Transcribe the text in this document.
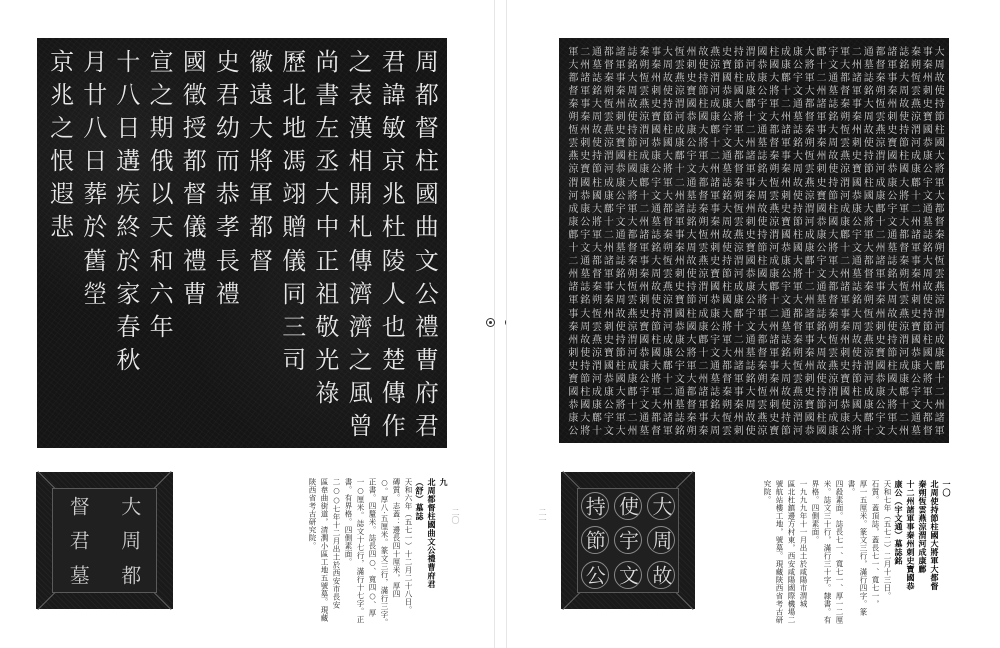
周
都
督
柱
國
曲
文
公
禮
曹
府
君
君
諱
敏
京
兆
杜
陵
人
也
楚
傳
作
之
表
漢
相
開
札
傳
濟
濟
之
風
曾
尚
書
左
丞
大
中
正
祖
敬
光
祿
歷
北
地
馮
翊
贈
儀
同
三
司
徽
遠
大
將
軍
都
督
史
君
幼
而
恭
孝
長
禮
國
徵
授
都
督
儀
禮
曹
宣
之
期
俄
以
天
和
六
年
十
八
日
遘
疾
終
於
家
春
秋
月
廿
八
日
葬
於
舊
塋
京
兆
之
恨
遐
悲
大
周
都
督
君
墓
九

北周都督柱國曲文公禮曹府君

（舒）墓誌

天和六年（五七一）十二月二十八日。

磚質。志蓋：邊長四十厘米，厚四

○。厚八·五厘米。篆文三行，滿行三字。

正書。四釐米。誌長四○、寬四○、厚

一○厘米。誌文十七行，滿行十七字。正

書。有界格。四側素面。

二○○七年十二月出土於西安市長安

區韋曲街道，清澗小區工地五號墓。現藏

陝西省考古研究院。	二〇
大
周
故
使
持
節
柱
國
大
將
軍
大
都
督
秦
朔
恆
雲
燕
涼
渭
河
成
康
鄜
十
二
州
諸
軍
事
秦
州
刺
史
寶
國
恭
康
公
宇
文
通
墓
誌
銘
大
周
故
使
持
節
柱
國
大
將
軍
大
都
督
秦
朔
恆
雲
燕
涼
渭
河
成
康
鄜
十
二
州
諸
軍
事
秦
州
刺
史
寶
國
恭
康
公
宇
文
通
墓
誌
銘
大
周
故
使
持
節
柱
國
大
將
軍
大
都
督
秦
朔
恆
雲
燕
涼
渭
河
成
康
鄜
十
二
州
諸
軍
事
秦
州
刺
史
寶
國
恭
康
公
宇
文
通
墓
誌
銘
大
周
故
使
持
節
柱
國
大
將
軍
大
都
督
秦
朔
恆
雲
燕
涼
渭
河
成
康
鄜
十
二
州
諸
軍
事
秦
州
刺
史
寶
國
恭
康
公
宇
文
通
墓
誌
銘
大
周
故
使
持
節
柱
國
大
將
軍
大
都
督
秦
朔
恆
雲
燕
涼
渭
河
成
康
鄜
十
二
州
諸
軍
事
秦
州
刺
史
寶
國
恭
康
公
宇
文
通
墓
誌
銘
大
周
故
使
持
節
柱
國
大
將
軍
大
都
督
秦
朔
恆
雲
燕
涼
渭
河
成
康
鄜
十
二
州
諸
軍
事
秦
州
刺
史
寶
國
恭
康
公
宇
文
通
墓
誌
銘
大
周
故
使
持
節
柱
國
大
將
軍
大
都
督
秦
朔
恆
雲
燕
涼
渭
河
成
康
鄜
十
二
州
諸
軍
事
秦
州
刺
史
寶
國
恭
康
公
宇
文
通
墓
誌
銘
大
周
故
使
持
節
柱
國
大
將
軍
大
都
督
秦
朔
恆
雲
燕
涼
渭
河
成
康
鄜
十
二
州
諸
軍
事
秦
州
刺
史
寶
國
恭
康
公
宇
文
通
墓
誌
銘
大
周
故
使
持
節
柱
國
大
將
軍
大
都
督
秦
朔
恆
雲
燕
涼
渭
河
成
康
鄜
十
二
州
諸
軍
事
秦
州
刺
史
寶
國
恭
康
公
宇
文
通
墓
誌
銘
大
周
故
使
持
節
柱
國
大
將
軍
大
都
督
秦
朔
恆
雲
燕
涼
渭
河
成
康
鄜
十
二
州
諸
軍
事
秦
州
刺
史
寶
國
恭
康
公
宇
文
通
墓
誌
銘
大
周
故
使
持
節
柱
國
大
將
軍
大
都
督
秦
朔
恆
雲
燕
涼
渭
河
成
康
鄜
十
二
州
諸
軍
事
秦
州
刺
史
寶
國
恭
康
公
宇
文
通
墓
誌
銘
大
周
故
使
持
節
柱
國
大
將
軍
大
都
督
秦
朔
恆
雲
燕
涼
渭
河
成
康
鄜
十
二
州
諸
軍
事
秦
州
刺
史
寶
國
恭
康
公
宇
文
通
墓
誌
銘
大
周
故
使
持
節
柱
國
大
將
軍
大
都
督
秦
朔
恆
雲
燕
涼
渭
河
成
康
鄜
十
二
州
諸
軍
事
秦
州
刺
史
寶
國
恭
康
公
宇
文
通
墓
誌
銘
大
周
故
使
持
節
柱
國
大
將
軍
大
都
督
秦
朔
恆
雲
燕
涼
渭
河
成
康
鄜
十
二
州
諸
軍
事
秦
州
刺
史
寶
國
恭
康
公
宇
文
通
墓
誌
銘
大
周
故
使
持
節
柱
國
大
將
軍
大
都
督
秦
朔
恆
雲
燕
涼
渭
河
成
康
鄜
十
二
州
諸
軍
事
秦
州
刺
史
寶
國
恭
康
公
宇
文
通
墓
誌
銘
大
周
故
使
持
節
柱
國
大
將
軍
大
都
督
秦
朔
恆
雲
燕
涼
渭
河
成
康
鄜
十
二
州
諸
軍
事
秦
州
刺
史
寶
國
恭
康
公
宇
文
通
墓
誌
銘
大
周
故
使
持
節
柱
國
大
將
軍
大
都
督
秦
朔
恆
雲
燕
涼
渭
河
成
康
鄜
十
二
州
諸
軍
事
秦
州
刺
史
寶
國
恭
康
公
宇
文
通
墓
誌
銘
大
周
故
使
持
節
柱
國
大
將
軍
大
都
督
秦
朔
恆
雲
燕
涼
渭
河
成
康
鄜
十
二
州
諸
軍
事
秦
州
刺
史
寶
國
恭
康
公
宇
文
通
墓
誌
銘
大
周
故
使
持
節
柱
國
大
將
軍
大
都
督
秦
朔
恆
雲
燕
涼
渭
河
成
康
鄜
十
二
州
諸
軍
事
秦
州
刺
史
寶
國
恭
康
公
宇
文
通
墓
誌
銘
大
周
故
使
持
節
柱
國
大
將
軍
大
都
督
秦
朔
恆
雲
燕
涼
渭
河
成
康
鄜
十
二
州
諸
軍
事
秦
州
刺
史
寶
國
恭
康
公
宇
文
通
墓
誌
銘
大
周
故
使
持
節
柱
國
大
將
軍
大
都
督
秦
朔
恆
雲
燕
涼
渭
河
成
康
鄜
十
二
州
諸
軍
事
秦
州
刺
史
寶
國
恭
康
公
大
周
故
使
宇
文
持
節
公
一〇

北周使持節柱國大將軍大都督

秦朔恆雲燕涼渭河成康鄜

十二州諸軍事秦州刺史寶國恭

康公（宇文通）墓誌銘

天和七年（五七二）二月十三日。

石質。蓋頂誌，蓋長七一、寬七一，

厚一五厘米。篆文三行，滿行四字。篆書。

四殺素面。誌長七一、寬七一、厚一二厘

米。誌文三十行，滿行三十字。隸書。有

界格。四側素面。

一九九九年十一月出土於咸陽市渭城

區北杜鎮邊方村東，西安咸陽國際機場二

號航站樓工地，號墓。現藏陝西省考古研

究院。

二一
